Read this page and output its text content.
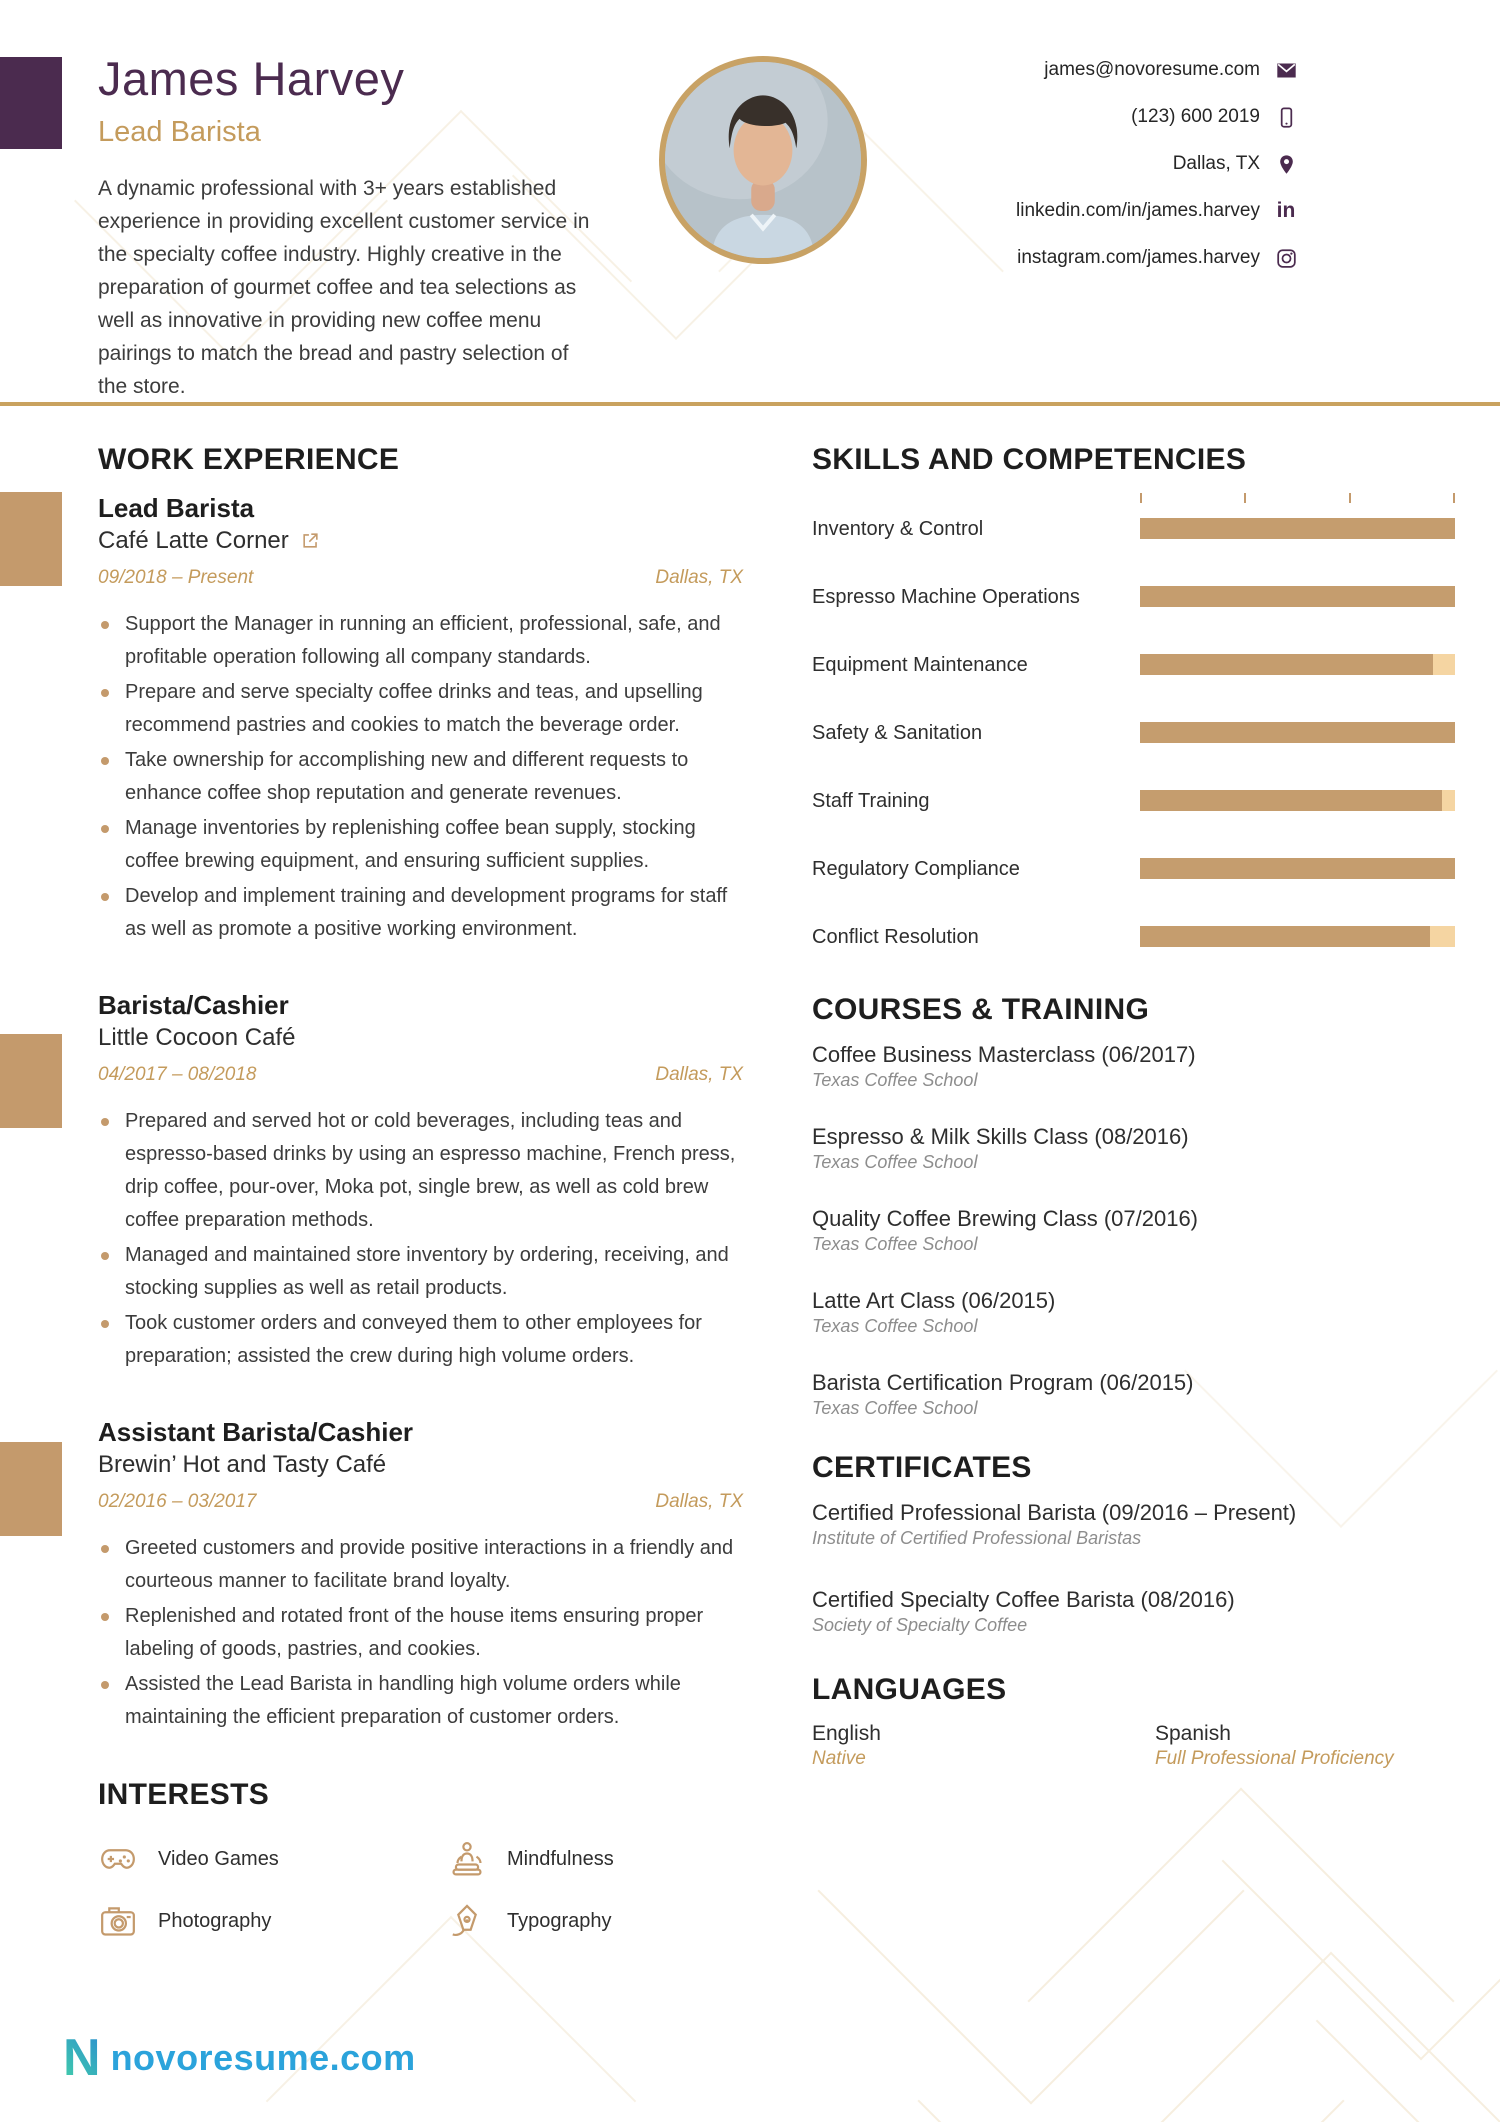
James Harvey
Lead Barista

A dynamic professional with 3+ years established experience in providing excellent customer service in the specialty coffee industry. Highly creative in the preparation of gourmet coffee and tea selections as well as innovative in providing new coffee menu pairings to match the bread and pastry selection of the store.

james@novoresume.com
(123) 600 2019
Dallas, TX
linkedin.com/in/james.harvey in
instagram.com/james.harvey
WORK EXPERIENCE
Lead Barista
Café Latte Corner
09/2018 – Present	Dallas, TX
Support the Manager in running an efficient, professional, safe, and profitable operation following all company standards.
Prepare and serve specialty coffee drinks and teas, and upselling recommend pastries and cookies to match the beverage order.
Take ownership for accomplishing new and different requests to enhance coffee shop reputation and generate revenues.
Manage inventories by replenishing coffee bean supply, stocking coffee brewing equipment, and ensuring sufficient supplies.
Develop and implement training and development programs for staff as well as promote a positive working environment.
Barista/Cashier
Little Cocoon Café
04/2017 – 08/2018	Dallas, TX
Prepared and served hot or cold beverages, including teas and espresso-based drinks by using an espresso machine, French press, drip coffee, pour-over, Moka pot, single brew, as well as cold brew coffee preparation methods.
Managed and maintained store inventory by ordering, receiving, and stocking supplies as well as retail products.
Took customer orders and conveyed them to other employees for preparation; assisted the crew during high volume orders.
Assistant Barista/Cashier
Brewin’ Hot and Tasty Café
02/2016 – 03/2017	Dallas, TX
Greeted customers and provide positive interactions in a friendly and courteous manner to facilitate brand loyalty.
Replenished and rotated front of the house items ensuring proper labeling of goods, pastries, and cookies.
Assisted the Lead Barista in handling high volume orders while maintaining the efficient preparation of customer orders.
INTERESTS
Video Games	Mindfulness
Photography	Typography
SKILLS AND COMPETENCIES
Inventory & Control
Espresso Machine Operations
Equipment Maintenance
Safety & Sanitation
Staff Training
Regulatory Compliance
Conflict Resolution
COURSES & TRAINING
Coffee Business Masterclass (06/2017)
Texas Coffee School
Espresso & Milk Skills Class (08/2016)
Texas Coffee School
Quality Coffee Brewing Class (07/2016)
Texas Coffee School
Latte Art Class (06/2015)
Texas Coffee School
Barista Certification Program (06/2015)
Texas Coffee School
CERTIFICATES
Certified Professional Barista (09/2016 – Present)
Institute of Certified Professional Baristas
Certified Specialty Coffee Barista (08/2016)
Society of Specialty Coffee
LANGUAGES
English
Native
Spanish
Full Professional Proficiency
N novoresume.com
